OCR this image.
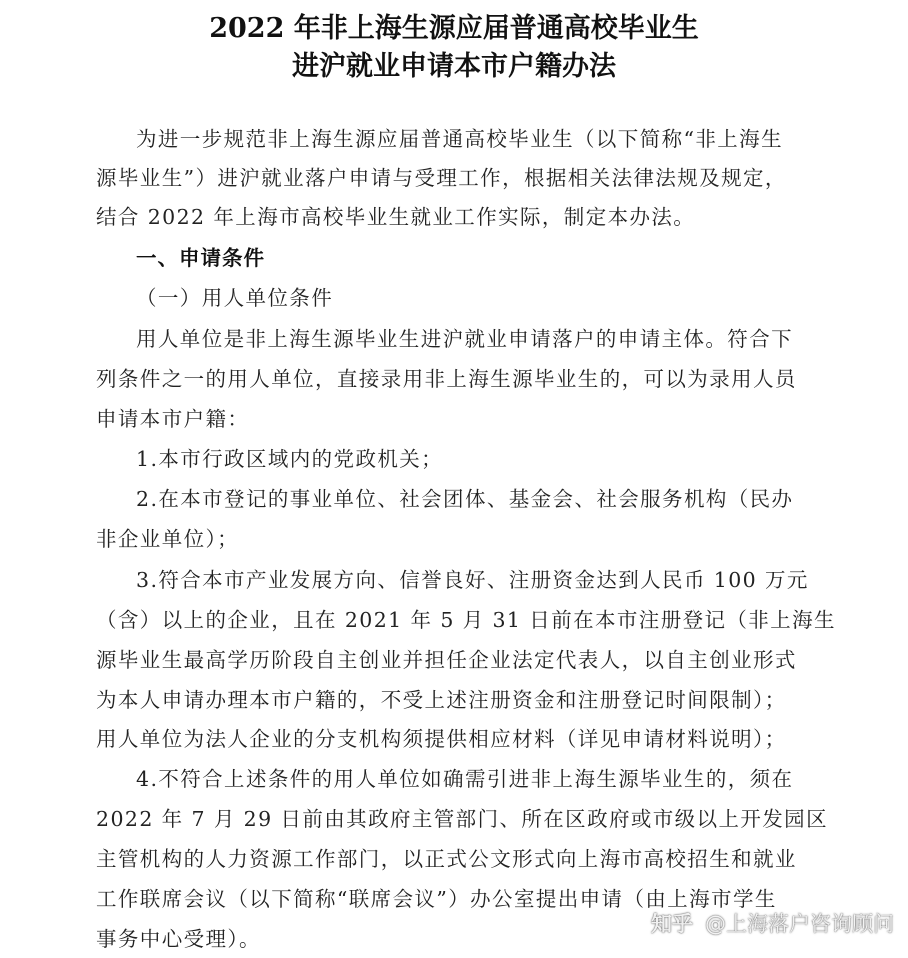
2022 年非上海生源应届普通高校毕业生
进沪就业申请本市户籍办法
为进一步规范非上海生源应届普通高校毕业生（以下简称“非上海生
源毕业生”）进沪就业落户申请与受理工作，根据相关法律法规及规定，
结合 2022 年上海市高校毕业生就业工作实际，制定本办法。
一、申请条件
（一）用人单位条件
用人单位是非上海生源毕业生进沪就业申请落户的申请主体。符合下
列条件之一的用人单位，直接录用非上海生源毕业生的，可以为录用人员
申请本市户籍：
1.本市行政区域内的党政机关；
2.在本市登记的事业单位、社会团体、基金会、社会服务机构（民办
非企业单位）；
3.符合本市产业发展方向、信誉良好、注册资金达到人民币 100 万元
（含）以上的企业，且在 2021 年 5 月 31 日前在本市注册登记（非上海生
源毕业生最高学历阶段自主创业并担任企业法定代表人，以自主创业形式
为本人申请办理本市户籍的，不受上述注册资金和注册登记时间限制）；
用人单位为法人企业的分支机构须提供相应材料（详见申请材料说明）；
4.不符合上述条件的用人单位如确需引进非上海生源毕业生的，须在
2022 年 7 月 29 日前由其政府主管部门、所在区政府或市级以上开发园区
主管机构的人力资源工作部门，以正式公文形式向上海市高校招生和就业
工作联席会议（以下简称“联席会议”）办公室提出申请（由上海市学生
事务中心受理）。
知乎 @上海落户咨询顾问
